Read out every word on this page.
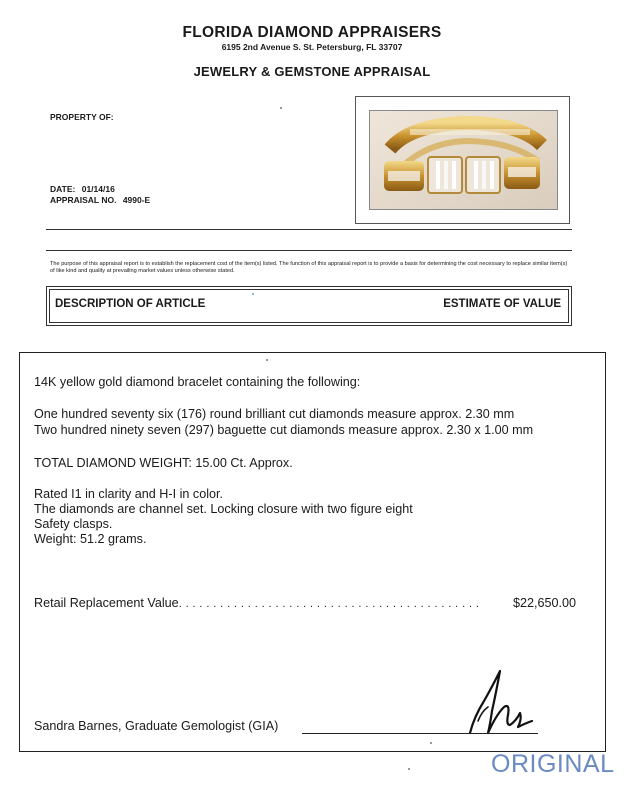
FLORIDA DIAMOND APPRAISERS
6195 2nd Avenue S. St. Petersburg, FL 33707
JEWELRY & GEMSTONE APPRAISAL
PROPERTY OF:
DATE: 01/14/16
APPRAISAL NO. 4990-E
The purpose of this appraisal report is to establish the replacement cost of the item(s) listed. The function of this appraisal report is to provide a basis for determining the cost necessary to replace similar item(s) of like kind and quality at prevailing market values unless otherwise stated.
DESCRIPTION OF ARTICLE	ESTIMATE OF VALUE
14K yellow gold diamond bracelet containing the following:
One hundred seventy six (176) round brilliant cut diamonds measure approx. 2.30 mm
Two hundred ninety seven (297) baguette cut diamonds measure approx. 2.30 x 1.00 mm
TOTAL DIAMOND WEIGHT: 15.00 Ct. Approx.
Rated I1 in clarity and H-I in color.
The diamonds are channel set. Locking closure with two figure eight
Safety clasps.
Weight: 51.2 grams.
Retail Replacement Value. . . . . . . . . . . . . . . . . . . . . . . . . . . . . . . . . . . . . . . . . . . .	$22,650.00
Sandra Barnes, Graduate Gemologist (GIA)
ORIGINAL
